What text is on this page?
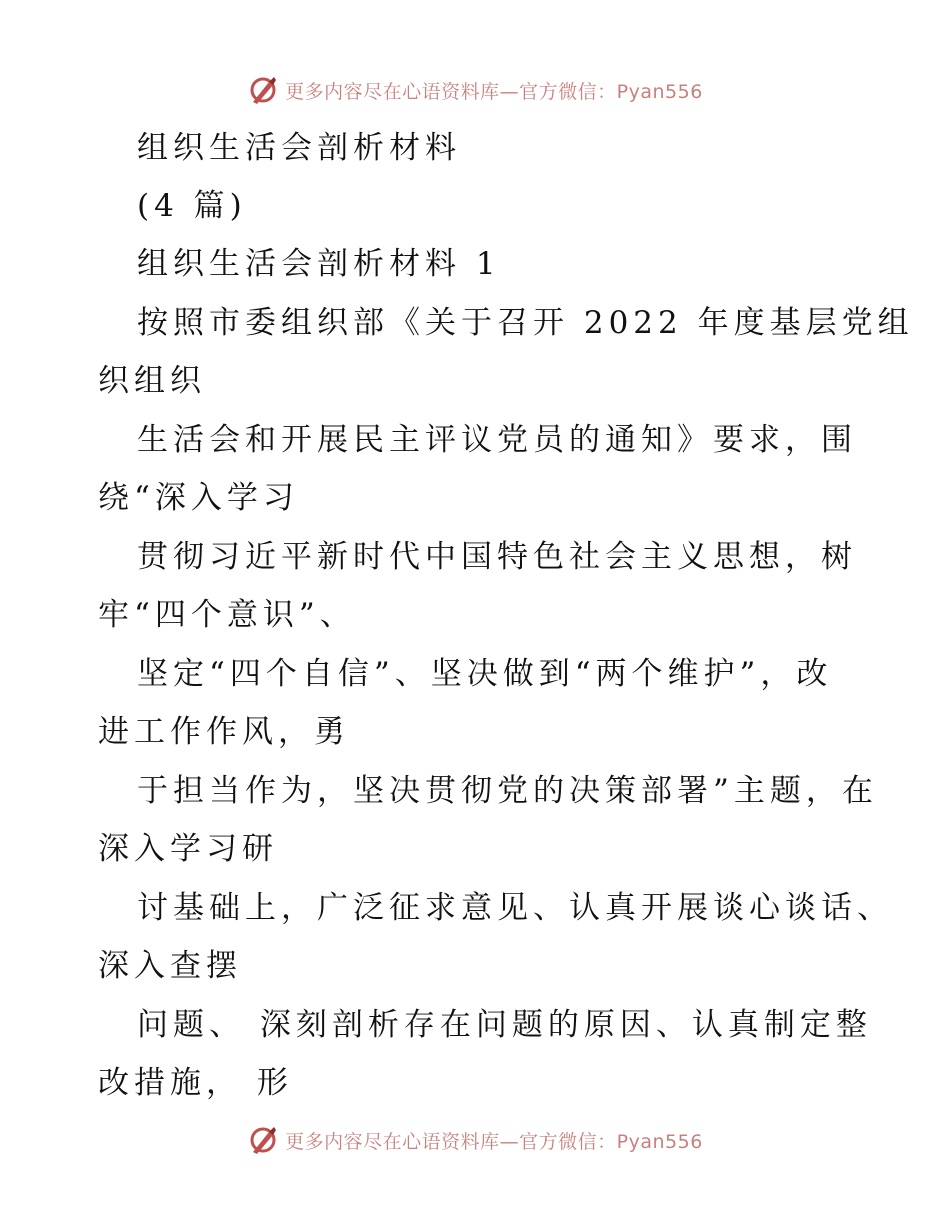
更多内容尽在心语资料库—官方微信：Pyan556
组织生活会剖析材料
(4 篇)
组织生活会剖析材料 1
按照市委组织部《关于召开 2022 年度基层党组
织组织
生活会和开展民主评议党员的通知》要求，围
绕“深入学习
贯彻习近平新时代中国特色社会主义思想，树
牢“四个意识”、
坚定“四个自信”、坚决做到“两个维护”，改
进工作作风，勇
于担当作为，坚决贯彻党的决策部署”主题，在
深入学习研
讨基础上，广泛征求意见、认真开展谈心谈话、
深入查摆
问题、 深刻剖析存在问题的原因、认真制定整
改措施， 形
更多内容尽在心语资料库—官方微信：Pyan556
